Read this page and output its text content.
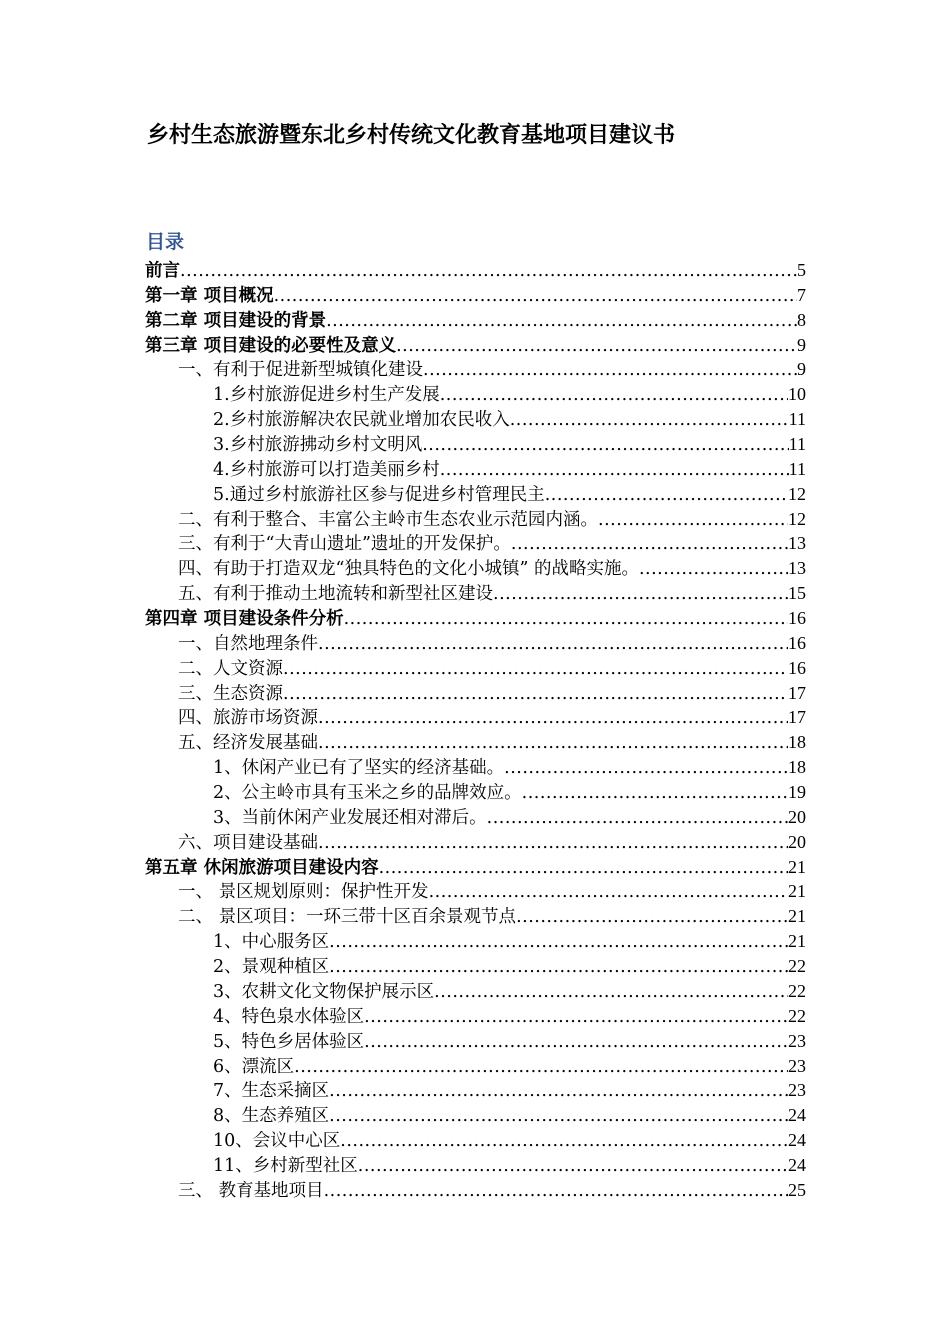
乡村生态旅游暨东北乡村传统文化教育基地项目建议书
目录
前言 .....	5
第一章 项目概况 .....	7
第二章 项目建设的背景 .....	8
第三章 项目建设的必要性及意义 .....	9
一、有利于促进新型城镇化建设 .....	9
1.乡村旅游促进乡村生产发展 .....	10
2.乡村旅游解决农民就业增加农民收入 .....	11
3.乡村旅游拂动乡村文明风 .....	11
4.乡村旅游可以打造美丽乡村 .....	11
5.通过乡村旅游社区参与促进乡村管理民主 .....	12
二、有利于整合、丰富公主岭市生态农业示范园内涵。 .....	12
三、有利于“大青山遗址”遗址的开发保护。 .....	13
四、有助于打造双龙“独具特色的文化小城镇” 的战略实施。 .....	13
五、有利于推动土地流转和新型社区建设 .....	15
第四章 项目建设条件分析 .....	16
一、自然地理条件 .....	16
二、人文资源 .....	16
三、生态资源 .....	17
四、旅游市场资源 .....	17
五、经济发展基础 .....	18
1、休闲产业已有了坚实的经济基础。 .....	18
2、公主岭市具有玉米之乡的品牌效应。 .....	19
3、当前休闲产业发展还相对滞后。 .....	20
六、项目建设基础 .....	20
第五章 休闲旅游项目建设内容 .....	21
一、 景区规划原则：保护性开发 .....	21
二、 景区项目：一环三带十区百余景观节点 .....	21
1、中心服务区 .....	21
2、景观种植区 .....	22
3、农耕文化文物保护展示区 .....	22
4、特色泉水体验区 .....	22
5、特色乡居体验区 .....	23
6、漂流区 .....	23
7、生态采摘区 .....	23
8、生态养殖区 .....	24
10、会议中心区 .....	24
11、乡村新型社区 .....	24
三、 教育基地项目 .....	25
